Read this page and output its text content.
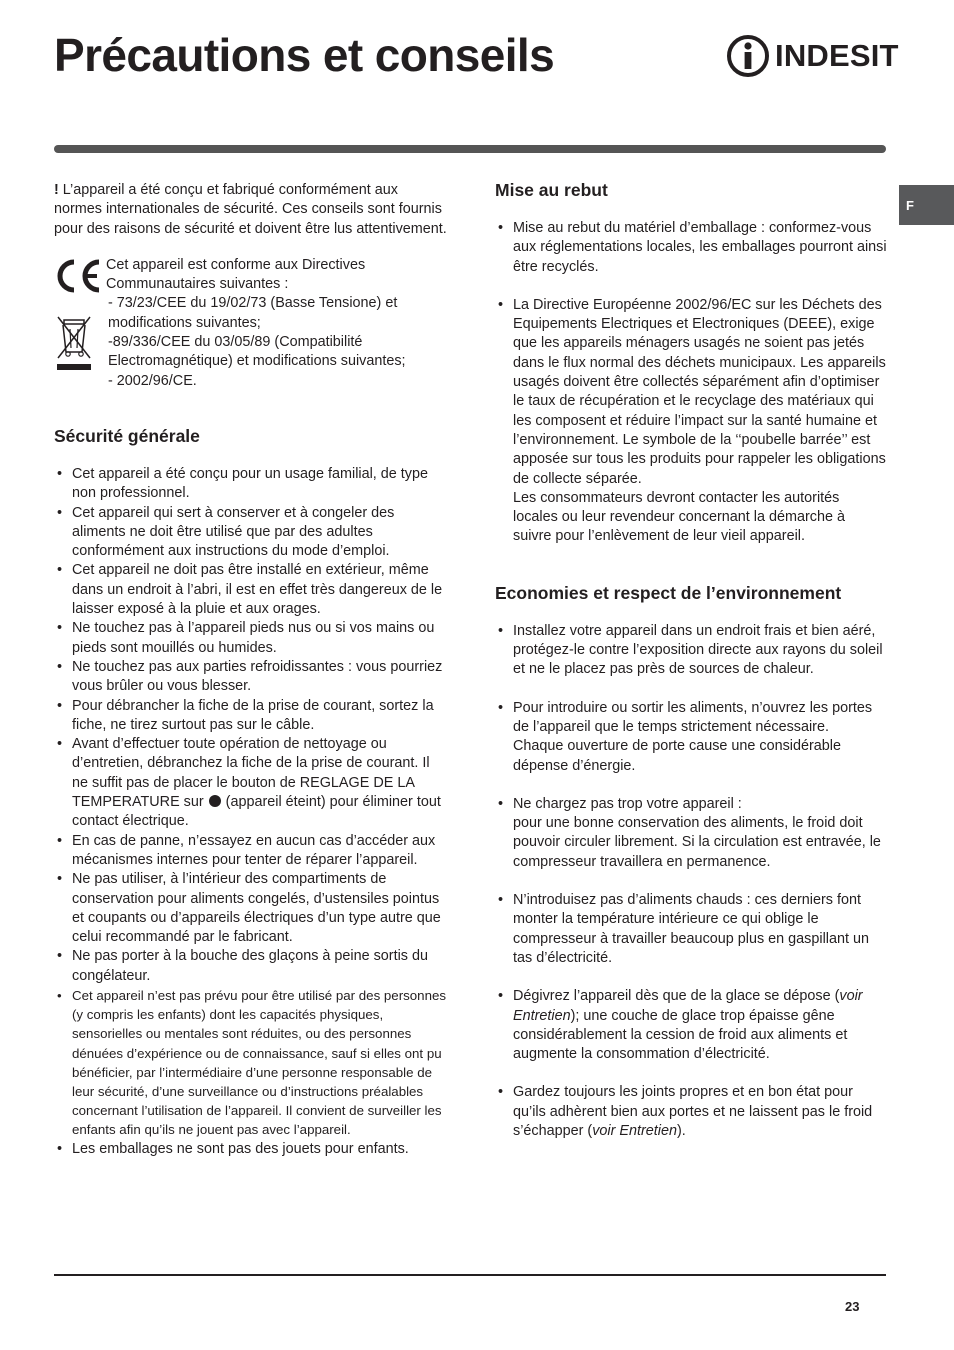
Précautions et conseils	INDESIT
F

! L’appareil a été conçu et fabriqué conformément aux normes internationales de sécurité. Ces conseils sont fournis pour des raisons de sécurité et doivent être lus attentivement.

Cet appareil est conforme aux Directives Communautaires suivantes :

- 73/23/CEE du 19/02/73 (Basse Tensione) et modifications suivantes;

-89/336/CEE du 03/05/89 (Compatibilité Electromagnétique) et modifications suivantes;

- 2002/96/CE.

Sécurité générale
• Cet appareil a été conçu pour un usage familial, de type non professionnel.
• Cet appareil qui sert à conserver et à congeler des aliments ne doit être utilisé que par des adultes conformément aux instructions du mode d’emploi.
• Cet appareil ne doit pas être installé en extérieur, même dans un endroit à l’abri, il est en effet très dangereux de le laisser exposé à la pluie et aux orages.
• Ne touchez pas à l’appareil pieds nus ou si vos mains ou pieds sont mouillés ou humides.
• Ne touchez pas aux parties refroidissantes : vous pourriez vous brûler ou vous blesser.
• Pour débrancher la fiche de la prise de courant, sortez la fiche, ne tirez surtout pas sur le câble.
• Avant d’effectuer toute opération de nettoyage ou d’entretien, débranchez la fiche de la prise de courant. Il ne suffit pas de placer le bouton de REGLAGE DE LA TEMPERATURE sur (appareil éteint) pour éliminer tout contact électrique.
• En cas de panne, n’essayez en aucun cas d’accéder aux mécanismes internes pour tenter de réparer l’appareil.
• Ne pas utiliser, à l’intérieur des compartiments de conservation pour aliments congelés, d’ustensiles pointus et coupants ou d’appareils électriques d’un type autre que celui recommandé par le fabricant.
• Ne pas porter à la bouche des glaçons à peine sortis du congélateur.
• Cet appareil n’est pas prévu pour être utilisé par des personnes (y compris les enfants) dont les capacités physiques, sensorielles ou mentales sont réduites, ou des personnes dénuées d’expérience ou de connaissance, sauf si elles ont pu bénéficier, par l’intermédiaire d’une personne responsable de leur sécurité, d’une surveillance ou d’instructions préalables concernant l’utilisation de l’appareil. Il convient de surveiller les enfants afin qu’ils ne jouent pas avec l’appareil.
• Les emballages ne sont pas des jouets pour enfants.
Mise au rebut
• Mise au rebut du matériel d’emballage : conformez-vous aux réglementations locales, les emballages pourront ainsi être recyclés.
• La Directive Européenne 2002/96/EC sur les Déchets des Equipements Electriques et Electroniques (DEEE), exige que les appareils ménagers usagés ne soient pas jetés dans le flux normal des déchets municipaux. Les appareils usagés doivent être collectés séparément afin d’optimiser le taux de récupération et le recyclage des matériaux qui les composent et réduire l’impact sur la santé humaine et l’environnement. Le symbole de la ‘‘poubelle barrée’’ est apposée sur tous les produits pour rappeler les obligations de collecte séparée.
Les consommateurs devront contacter les autorités locales ou leur revendeur concernant la démarche à suivre pour l’enlèvement de leur vieil appareil.
Economies et respect de l’environnement
• Installez votre appareil dans un endroit frais et bien aéré, protégez-le contre l’exposition directe aux rayons du soleil et ne le placez pas près de sources de chaleur.
• Pour introduire ou sortir les aliments, n’ouvrez les portes de l’appareil que le temps strictement nécessaire.
Chaque ouverture de porte cause une considérable dépense d’énergie.
• Ne chargez pas trop votre appareil :
pour une bonne conservation des aliments, le froid doit pouvoir circuler librement. Si la circulation est entravée, le compresseur travaillera en permanence.
• N’introduisez pas d’aliments chauds : ces derniers font monter la température intérieure ce qui oblige le compresseur à travailler beaucoup plus en gaspillant un tas d’électricité.
• Dégivrez l’appareil dès que de la glace se dépose (voir Entretien); une couche de glace trop épaisse gêne considérablement la cession de froid aux aliments et augmente la consommation d’électricité.
• Gardez toujours les joints propres et en bon état pour qu’ils adhèrent bien aux portes et ne laissent pas le froid s’échapper (voir Entretien).
23
